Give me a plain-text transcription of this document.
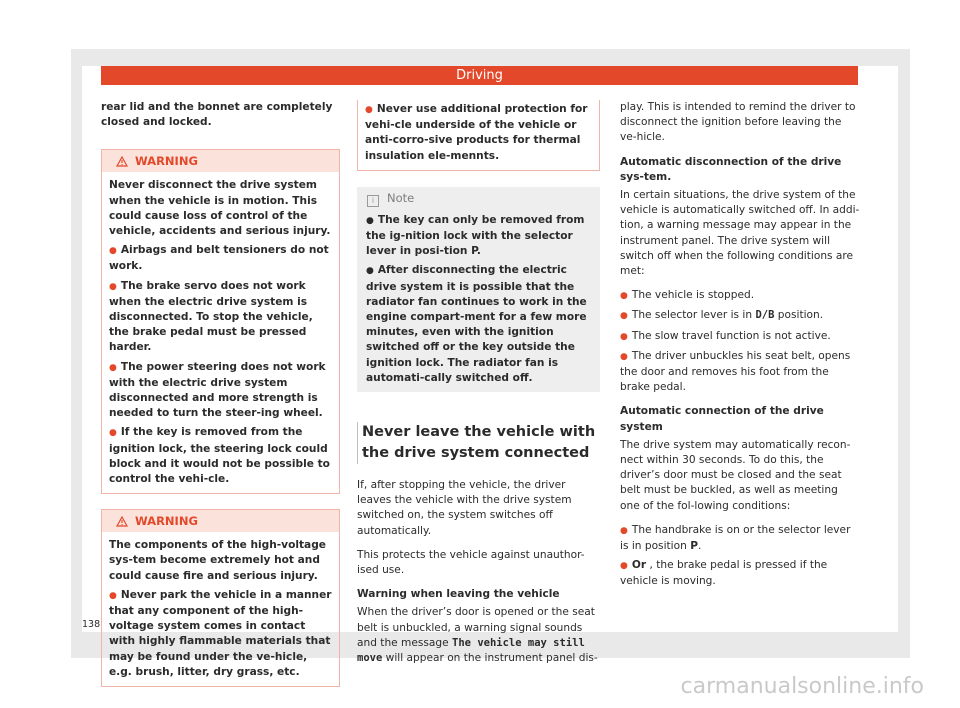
Driving

rear lid and the bonnet are completely closed and locked.

WARNING

Never disconnect the drive system when the vehicle is in motion. This could cause loss of control of the vehicle, accidents and serious injury.

● Airbags and belt tensioners do not work.

● The brake servo does not work when the electric drive system is disconnected. To stop the vehicle, the brake pedal must be pressed harder.

● The power steering does not work with the electric drive system disconnected and more strength is needed to turn the steer-ing wheel.

● If the key is removed from the ignition lock, the steering lock could block and it would not be possible to control the vehi-cle.

WARNING

The components of the high-voltage sys-tem become extremely hot and could cause fire and serious injury.

● Never park the vehicle in a manner that any component of the high-voltage system comes in contact with highly flammable materials that may be found under the ve-hicle, e.g. brush, litter, dry grass, etc.

● Never use additional protection for vehi-cle underside of the vehicle or anti-corro-sive products for thermal insulation ele-mennts.

i Note

● The key can only be removed from the ig-nition lock with the selector lever in posi-tion P.

● After disconnecting the electric drive system it is possible that the radiator fan continues to work in the engine compart-ment for a few more minutes, even with the ignition switched off or the key outside the ignition lock. The radiator fan is automati-cally switched off.

Never leave the vehicle with the drive system connected

If, after stopping the vehicle, the driver leaves the vehicle with the drive system switched on, the system switches off automatically.

This protects the vehicle against unauthor-ised use.

Warning when leaving the vehicle

When the driver’s door is opened or the seat belt is unbuckled, a warning signal sounds and the message The vehicle may still move will appear on the instrument panel dis-

play. This is intended to remind the driver to disconnect the ignition before leaving the ve-hicle.

Automatic disconnection of the drive sys-tem.

In certain situations, the drive system of the vehicle is automatically switched off. In addi-tion, a warning message may appear in the instrument panel. The drive system will switch off when the following conditions are met:

● The vehicle is stopped.

● The selector lever is in D/B position.

● The slow travel function is not active.

● The driver unbuckles his seat belt, opens the door and removes his foot from the brake pedal.

Automatic connection of the drive system

The drive system may automatically recon-nect within 30 seconds. To do this, the driver’s door must be closed and the seat belt must be buckled, as well as meeting one of the fol-lowing conditions:

● The handbrake is on or the selector lever is in position P.

● Or , the brake pedal is pressed if the vehicle is moving.

138
carmanualsonline.info
